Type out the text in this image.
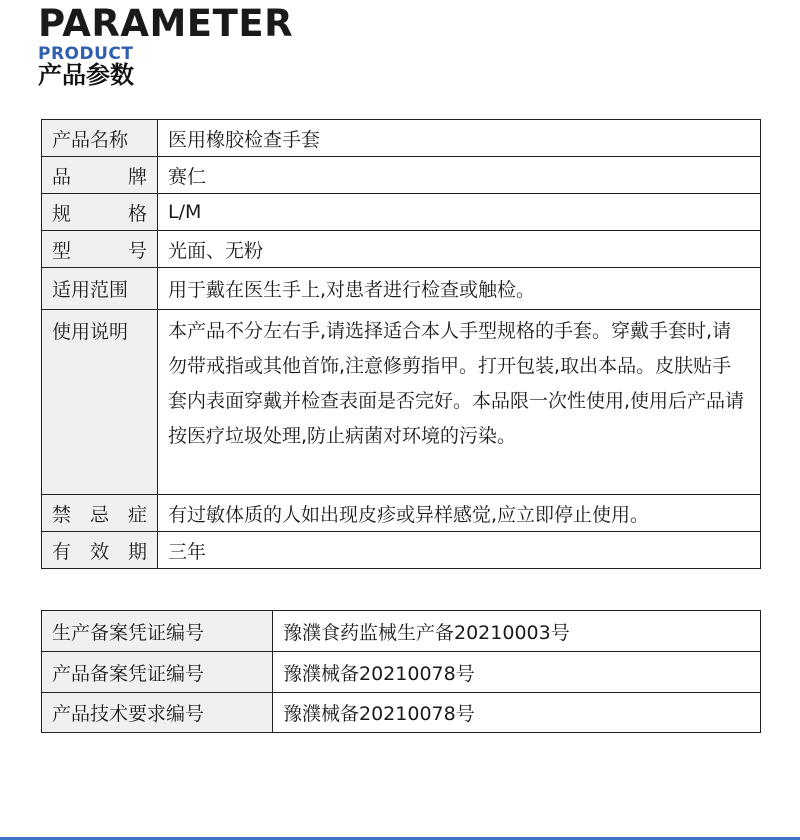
PARAMETER
PRODUCT
产品参数
产品名称	医用橡胶检查手套
品 牌	赛仁
规 格	L/M
型 号	光面、无粉
适用范围	用于戴在医生手上,对患者进行检查或触检。
使用说明	本产品不分左右手,请选择适合本人手型规格的手套。穿戴手套时,请勿带戒指或其他首饰,注意修剪指甲。打开包装,取出本品。皮肤贴手套内表面穿戴并检查表面是否完好。本品限一次性使用,使用后产品请按医疗垃圾处理,防止病菌对环境的污染。
禁 忌 症	有过敏体质的人如出现皮疹或异样感觉,应立即停止使用。
有 效 期	三年
生产备案凭证编号	豫濮食药监械生产备20210003号
产品备案凭证编号	豫濮械备20210078号
产品技术要求编号	豫濮械备20210078号
